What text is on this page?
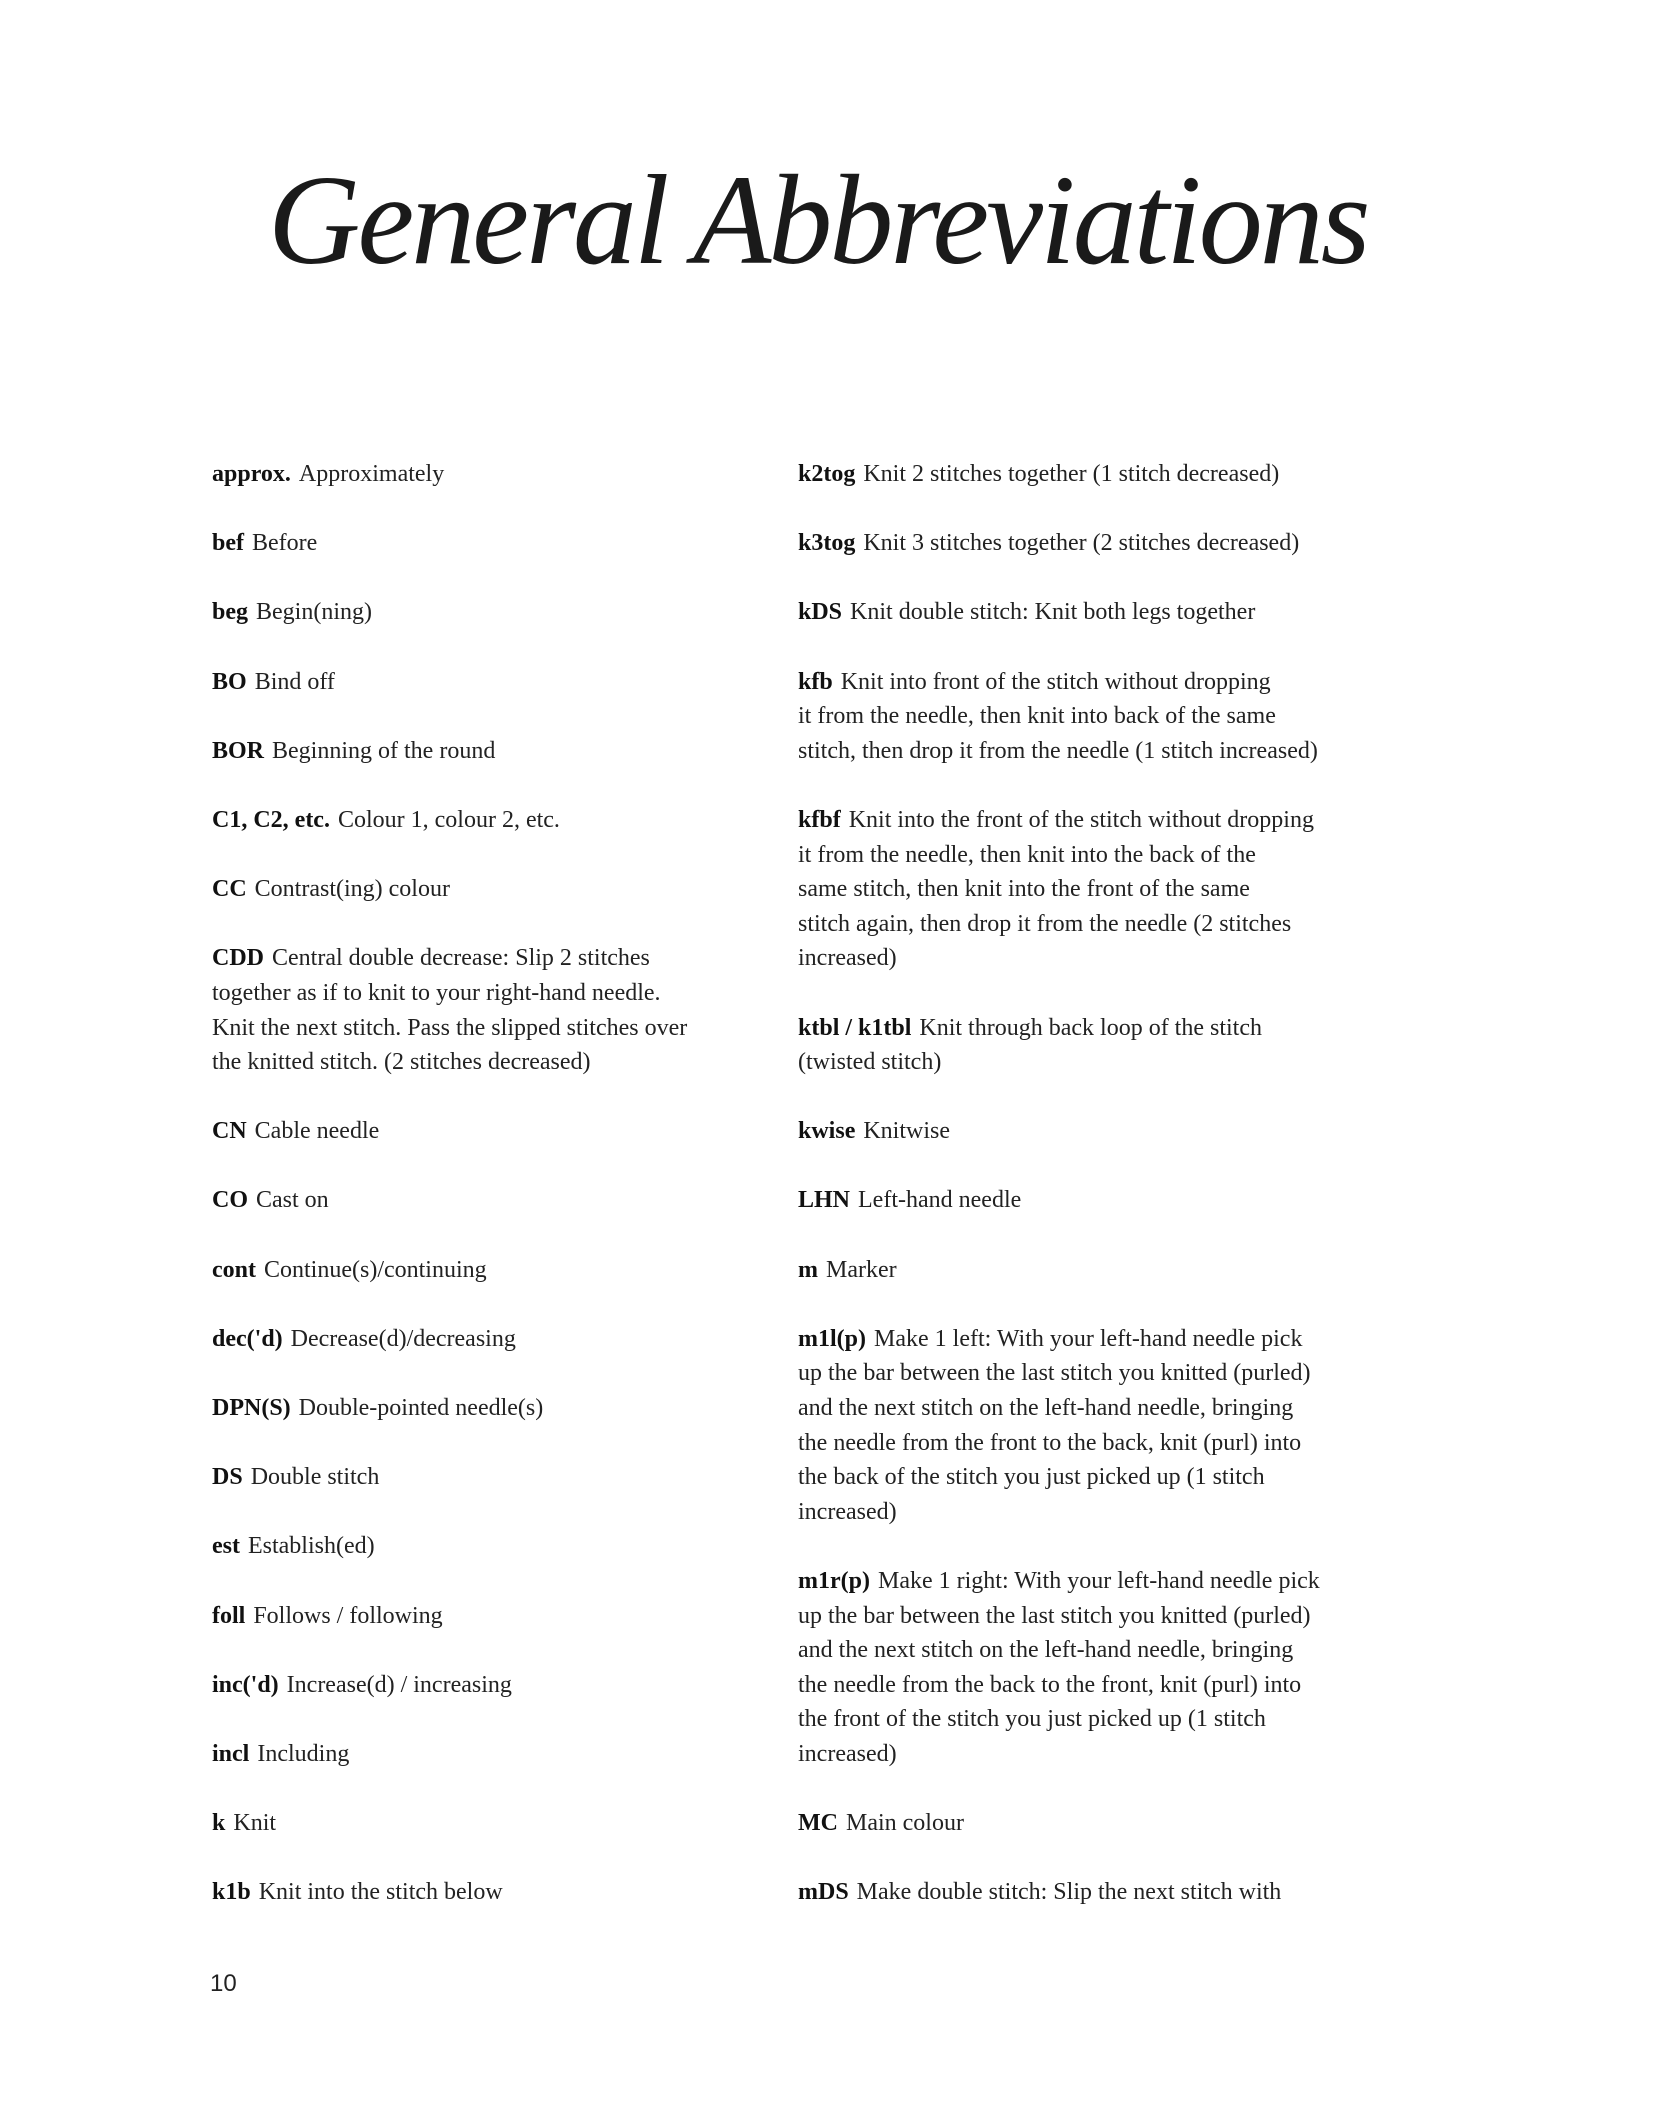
General Abbreviations
approx. Approximately
bef Before
beg Begin(ning)
BO Bind off
BOR Beginning of the round
C1, C2, etc. Colour 1, colour 2, etc.
CC Contrast(ing) colour
CDD Central double decrease: Slip 2 stitches
together as if to knit to your right-hand needle.
Knit the next stitch. Pass the slipped stitches over
the knitted stitch. (2 stitches decreased)
CN Cable needle
CO Cast on
cont Continue(s)/continuing
dec('d) Decrease(d)/decreasing
DPN(S) Double-pointed needle(s)
DS Double stitch
est Establish(ed)
foll Follows / following
inc('d) Increase(d) / increasing
incl Including
k Knit
k1b Knit into the stitch below
k2tog Knit 2 stitches together (1 stitch decreased)
k3tog Knit 3 stitches together (2 stitches decreased)
kDS Knit double stitch: Knit both legs together
kfb Knit into front of the stitch without dropping
it from the needle, then knit into back of the same
stitch, then drop it from the needle (1 stitch increased)
kfbf Knit into the front of the stitch without dropping
it from the needle, then knit into the back of the
same stitch, then knit into the front of the same
stitch again, then drop it from the needle (2 stitches
increased)
ktbl / k1tbl Knit through back loop of the stitch
(twisted stitch)
kwise Knitwise
LHN Left-hand needle
m Marker
m1l(p) Make 1 left: With your left-hand needle pick
up the bar between the last stitch you knitted (purled)
and the next stitch on the left-hand needle, bringing
the needle from the front to the back, knit (purl) into
the back of the stitch you just picked up (1 stitch
increased)
m1r(p) Make 1 right: With your left-hand needle pick
up the bar between the last stitch you knitted (purled)
and the next stitch on the left-hand needle, bringing
the needle from the back to the front, knit (purl) into
the front of the stitch you just picked up (1 stitch
increased)
MC Main colour
mDS Make double stitch: Slip the next stitch with

10
